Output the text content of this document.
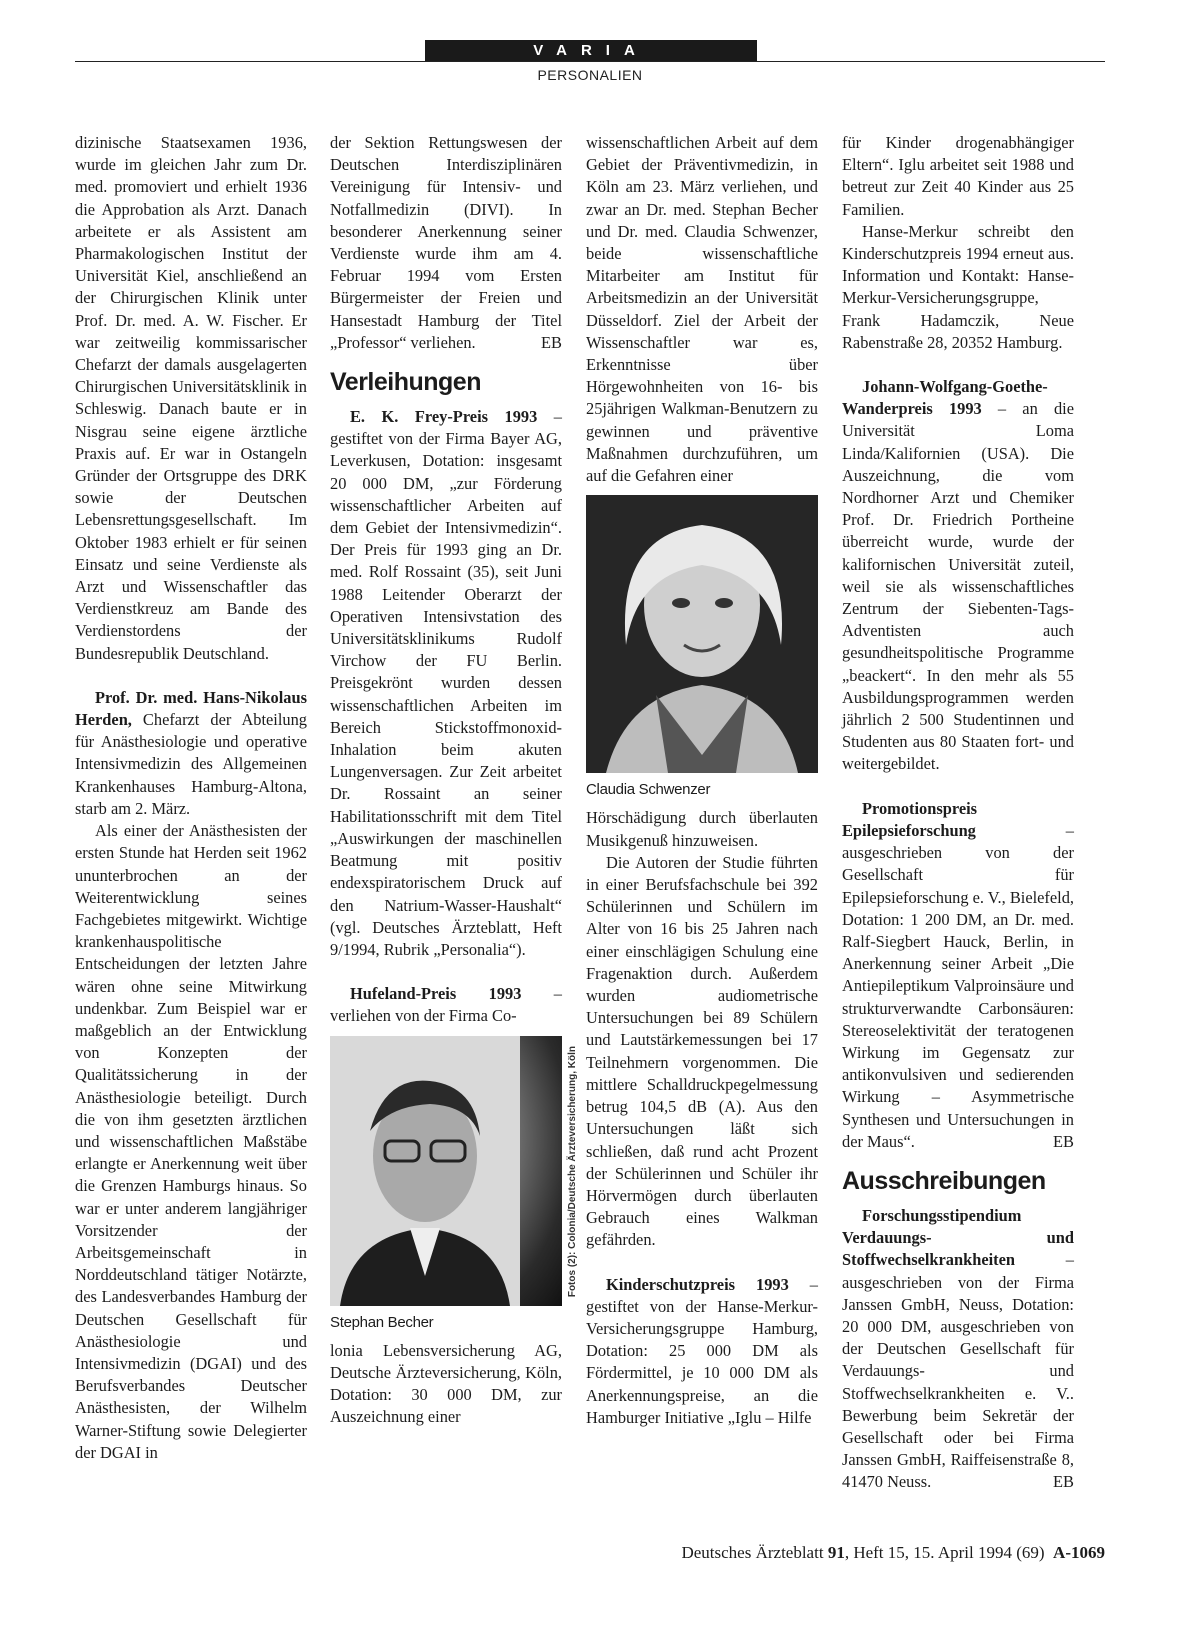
VARIA
PERSONALIEN

dizinische Staatsexamen 1936, wurde im gleichen Jahr zum Dr. med. promoviert und erhielt 1936 die Approbation als Arzt. Danach arbeitete er als Assistent am Pharmakologischen Institut der Universität Kiel, anschließend an der Chirurgischen Klinik unter Prof. Dr. med. A. W. Fischer. Er war zeitweilig kommissarischer Chefarzt der damals ausgelagerten Chirurgischen Universitätsklinik in Schleswig. Danach baute er in Nisgrau seine eigene ärztliche Praxis auf. Er war in Ostangeln Gründer der Ortsgruppe des DRK sowie der Deutschen Lebensrettungsgesellschaft. Im Oktober 1983 erhielt er für seinen Einsatz und seine Verdienste als Arzt und Wissenschaftler das Verdienstkreuz am Bande des Verdienstordens der Bundesrepublik Deutschland.

Prof. Dr. med. Hans-Nikolaus Herden, Chefarzt der Abteilung für Anästhesiologie und operative Intensivmedizin des Allgemeinen Krankenhauses Hamburg-Altona, starb am 2. März.

Als einer der Anästhesisten der ersten Stunde hat Herden seit 1962 ununterbrochen an der Weiterentwicklung seines Fachgebietes mitgewirkt. Wichtige krankenhauspolitische Entscheidungen der letzten Jahre wären ohne seine Mitwirkung undenkbar. Zum Beispiel war er maßgeblich an der Entwicklung von Konzepten der Qualitätssicherung in der Anästhesiologie beteiligt. Durch die von ihm gesetzten ärztlichen und wissenschaftlichen Maßstäbe erlangte er Anerkennung weit über die Grenzen Hamburgs hinaus. So war er unter anderem langjähriger Vorsitzender der Arbeitsgemeinschaft in Norddeutschland tätiger Notärzte, des Landesverbandes Hamburg der Deutschen Gesellschaft für Anästhesiologie und Intensivmedizin (DGAI) und des Berufsverbandes Deutscher Anästhesisten, der Wilhelm Warner-Stiftung sowie Delegierter der DGAI in

der Sektion Rettungswesen der Deutschen Interdisziplinären Vereinigung für Intensiv- und Notfallmedizin (DIVI). In besonderer Anerkennung seiner Verdienste wurde ihm am 4. Februar 1994 vom Ersten Bürgermeister der Freien und Hansestadt Hamburg der Titel „Professor“ verliehen.	EB

Verleihungen

E. K. Frey-Preis 1993 – gestiftet von der Firma Bayer AG, Leverkusen, Dotation: insgesamt 20 000 DM, „zur Förderung wissenschaftlicher Arbeiten auf dem Gebiet der Intensivmedizin“. Der Preis für 1993 ging an Dr. med. Rolf Rossaint (35), seit Juni 1988 Leitender Oberarzt der Operativen Intensivstation des Universitätsklinikums Rudolf Virchow der FU Berlin. Preisgekrönt wurden dessen wissenschaftlichen Arbeiten im Bereich Stickstoffmonoxid-Inhalation beim akuten Lungenversagen. Zur Zeit arbeitet Dr. Rossaint an seiner Habilitationsschrift mit dem Titel „Auswirkungen der maschinellen Beatmung mit positiv endexspiratorischem Druck auf den Natrium-Wasser-Haushalt“ (vgl. Deutsches Ärzteblatt, Heft 9/1994, Rubrik „Personalia“).

Hufeland-Preis 1993 – verliehen von der Firma Co-

Stephan Becher
Fotos (2): Colonia/Deutsche Ärzteversicherung, Köln

lonia Lebensversicherung AG, Deutsche Ärzteversicherung, Köln, Dotation: 30 000 DM, zur Auszeichnung einer

wissenschaftlichen Arbeit auf dem Gebiet der Präventivmedizin, in Köln am 23. März verliehen, und zwar an Dr. med. Stephan Becher und Dr. med. Claudia Schwenzer, beide wissenschaftliche Mitarbeiter am Institut für Arbeitsmedizin an der Universität Düsseldorf. Ziel der Arbeit der Wissenschaftler war es, Erkenntnisse über Hörgewohnheiten von 16- bis 25jährigen Walkman-Benutzern zu gewinnen und präventive Maßnahmen durchzuführen, um auf die Gefahren einer

Claudia Schwenzer

Hörschädigung durch überlauten Musikgenuß hinzuweisen.

Die Autoren der Studie führten in einer Berufsfachschule bei 392 Schülerinnen und Schülern im Alter von 16 bis 25 Jahren nach einer einschlägigen Schulung eine Fragenaktion durch. Außerdem wurden audiometrische Untersuchungen bei 89 Schülern und Lautstärkemessungen bei 17 Teilnehmern vorgenommen. Die mittlere Schalldruckpegelmessung betrug 104,5 dB (A). Aus den Untersuchungen läßt sich schließen, daß rund acht Prozent der Schülerinnen und Schüler ihr Hörvermögen durch überlauten Gebrauch eines Walkman gefährden.

Kinderschutzpreis 1993 – gestiftet von der Hanse-Merkur-Versicherungsgruppe Hamburg, Dotation: 25 000 DM als Fördermittel, je 10 000 DM als Anerkennungspreise, an die Hamburger Initiative „Iglu – Hilfe

für Kinder drogenabhängiger Eltern“. Iglu arbeitet seit 1988 und betreut zur Zeit 40 Kinder aus 25 Familien.

Hanse-Merkur schreibt den Kinderschutzpreis 1994 erneut aus. Information und Kontakt: Hanse-Merkur-Versicherungsgruppe, Frank Hadamczik, Neue Rabenstraße 28, 20352 Hamburg.

Johann-Wolfgang-Goethe-Wanderpreis 1993 – an die Universität Loma Linda/Kalifornien (USA). Die Auszeichnung, die vom Nordhorner Arzt und Chemiker Prof. Dr. Friedrich Portheine überreicht wurde, wurde der kalifornischen Universität zuteil, weil sie als wissenschaftliches Zentrum der Siebenten-Tags-Adventisten auch gesundheitspolitische Programme „beackert“. In den mehr als 55 Ausbildungsprogrammen werden jährlich 2 500 Studentinnen und Studenten aus 80 Staaten fort- und weitergebildet.

Promotionspreis Epilepsieforschung – ausgeschrieben von der Gesellschaft für Epilepsieforschung e. V., Bielefeld, Dotation: 1 200 DM, an Dr. med. Ralf-Siegbert Hauck, Berlin, in Anerkennung seiner Arbeit „Die Antiepileptikum Valproinsäure und strukturverwandte Carbonsäuren: Stereoselektivität der teratogenen Wirkung im Gegensatz zur antikonvulsiven und sedierenden Wirkung – Asymmetrische Synthesen und Untersuchungen in der Maus“.	EB

Ausschreibungen

Forschungsstipendium Verdauungs- und Stoffwechselkrankheiten – ausgeschrieben von der Firma Janssen GmbH, Neuss, Dotation: 20 000 DM, ausgeschrieben von der Deutschen Gesellschaft für Verdauungs- und Stoffwechselkrankheiten e. V.. Bewerbung beim Sekretär der Gesellschaft oder bei Firma Janssen GmbH, Raiffeisenstraße 8, 41470 Neuss.	EB

Deutsches Ärzteblatt 91, Heft 15, 15. April 1994 (69) A-1069
